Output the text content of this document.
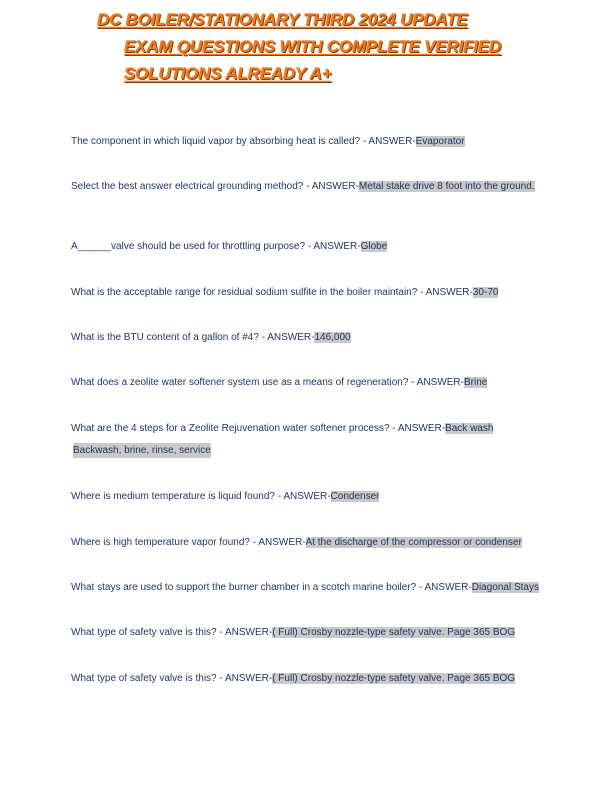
DC BOILER/STATIONARY THIRD 2024 UPDATE
EXAM QUESTIONS WITH COMPLETE VERIFIED
SOLUTIONS ALREADY A+
The component in which liquid vapor by absorbing heat is called? - ANSWER-Evaporator
Select the best answer electrical grounding method? - ANSWER-Metal stake drive 8 foot into the ground.
A______valve should be used for throttling purpose? - ANSWER-Globe
What is the acceptable range for residual sodium sulfite in the boiler maintain? - ANSWER-30-70
What is the BTU content of a gallon of #4? - ANSWER-146,000
What does a zeolite water softener system use as a means of regeneration? - ANSWER-Brine
What are the 4 steps for a Zeolite Rejuvenation water softener process? - ANSWER-Back wash
Backwash, brine, rinse, service
Where is medium temperature is liquid found? - ANSWER-Condenser
Where is high temperature vapor found? - ANSWER-At the discharge of the compressor or condenser
What stays are used to support the burner chamber in a scotch marine boiler? - ANSWER-Diagonal Stays
What type of safety valve is this? - ANSWER-( Full) Crosby nozzle-type safety valve. Page 365 BOG
What type of safety valve is this? - ANSWER-( Full) Crosby nozzle-type safety valve. Page 365 BOG
